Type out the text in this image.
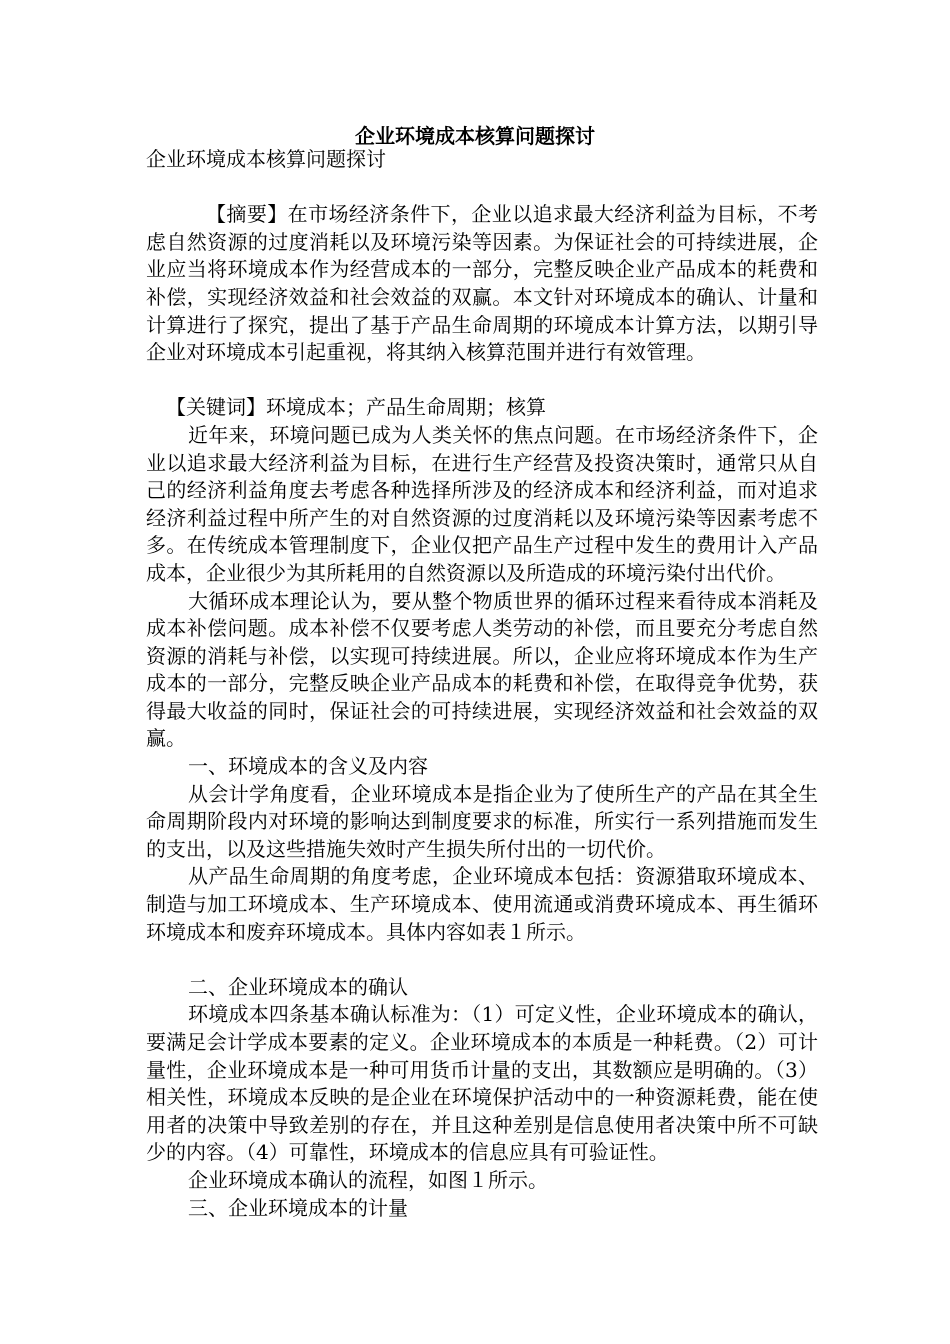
企业环境成本核算问题探讨

企业环境成本核算问题探讨

【摘要】在市场经济条件下，企业以追求最大经济利益为目标，不考虑自然资源的过度消耗以及环境污染等因素。为保证社会的可持续进展，企业应当将环境成本作为经营成本的一部分，完整反映企业产品成本的耗费和补偿，实现经济效益和社会效益的双赢。本文针对环境成本的确认、计量和计算进行了探究，提出了基于产品生命周期的环境成本计算方法，以期引导企业对环境成本引起重视，将其纳入核算范围并进行有效管理。

【关键词】环境成本；产品生命周期；核算

近年来，环境问题已成为人类关怀的焦点问题。在市场经济条件下，企业以追求最大经济利益为目标，在进行生产经营及投资决策时，通常只从自己的经济利益角度去考虑各种选择所涉及的经济成本和经济利益，而对追求经济利益过程中所产生的对自然资源的过度消耗以及环境污染等因素考虑不多。在传统成本管理制度下，企业仅把产品生产过程中发生的费用计入产品成本，企业很少为其所耗用的自然资源以及所造成的环境污染付出代价。

大循环成本理论认为，要从整个物质世界的循环过程来看待成本消耗及成本补偿问题。成本补偿不仅要考虑人类劳动的补偿，而且要充分考虑自然资源的消耗与补偿，以实现可持续进展。所以，企业应将环境成本作为生产成本的一部分，完整反映企业产品成本的耗费和补偿，在取得竞争优势，获得最大收益的同时，保证社会的可持续进展，实现经济效益和社会效益的双赢。

一、环境成本的含义及内容

从会计学角度看，企业环境成本是指企业为了使所生产的产品在其全生命周期阶段内对环境的影响达到制度要求的标准，所实行一系列措施而发生的支出，以及这些措施失效时产生损失所付出的一切代价。

从产品生命周期的角度考虑，企业环境成本包括：资源猎取环境成本、制造与加工环境成本、生产环境成本、使用流通或消费环境成本、再生循环环境成本和废弃环境成本。具体内容如表１所示。

二、企业环境成本的确认

环境成本四条基本确认标准为：（1）可定义性，企业环境成本的确认，要满足会计学成本要素的定义。企业环境成本的本质是一种耗费。（2）可计量性，企业环境成本是一种可用货币计量的支出，其数额应是明确的。（3）相关性，环境成本反映的是企业在环境保护活动中的一种资源耗费，能在使用者的决策中导致差别的存在，并且这种差别是信息使用者决策中所不可缺少的内容。（4）可靠性，环境成本的信息应具有可验证性。

企业环境成本确认的流程，如图１所示。

三、企业环境成本的计量
